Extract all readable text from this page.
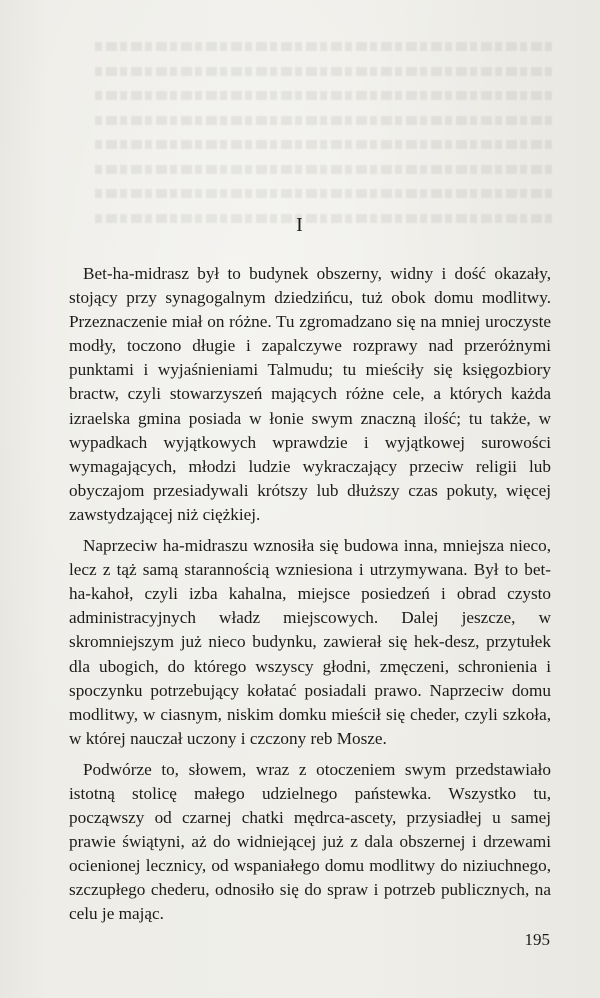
I

Bet-ha-midrasz był to budynek obszerny, widny i dość okazały, stojący przy synagogalnym dziedzińcu, tuż obok domu modlitwy. Przeznaczenie miał on różne. Tu zgromadzano się na mniej uroczyste modły, toczono długie i zapalczywe rozprawy nad przeróżnymi punktami i wyjaśnieniami Talmudu; tu mieściły się księgozbiory bractw, czyli stowarzyszeń mających różne cele, a których każda izraelska gmina posiada w łonie swym znaczną ilość; tu także, w wypadkach wyjątkowych wprawdzie i wyjątkowej surowości wymagających, młodzi ludzie wykraczający przeciw religii lub obyczajom przesiadywali krótszy lub dłuższy czas pokuty, więcej zawstydzającej niż ciężkiej.

Naprzeciw ha-midraszu wznosiła się budowa inna, mniejsza nieco, lecz z tąż samą starannością wzniesiona i utrzymywana. Był to bet-ha-kahoł, czyli izba kahalna, miejsce posiedzeń i obrad czysto administracyjnych władz miejscowych. Dalej jeszcze, w skromniejszym już nieco budynku, zawierał się hek-desz, przytułek dla ubogich, do którego wszyscy głodni, zmęczeni, schronienia i spoczynku potrzebujący kołatać posiadali prawo. Naprzeciw domu modlitwy, w ciasnym, niskim domku mieścił się cheder, czyli szkoła, w której nauczał uczony i czczony reb Mosze.

Podwórze to, słowem, wraz z otoczeniem swym przedstawiało istotną stolicę małego udzielnego państewka. Wszystko tu, począwszy od czarnej chatki mędrca-ascety, przysiadłej u samej prawie świątyni, aż do widniejącej już z dala obszernej i drzewami ocienionej lecznicy, od wspaniałego domu modlitwy do niziuchnego, szczupłego chederu, odnosiło się do spraw i potrzeb publicznych, na celu je mając.

195
